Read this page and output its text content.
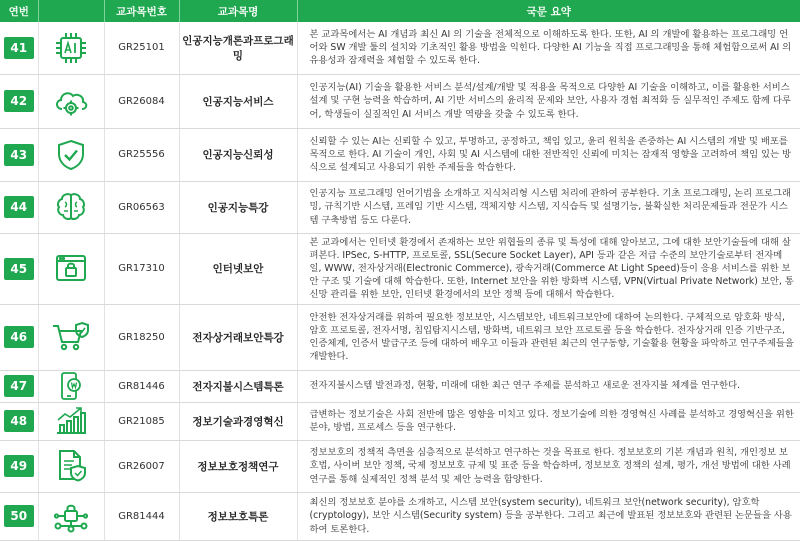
연번		교과목번호	교과목명	국문 요약
41		GR25101	인공지능개론과프로그래밍	본 교과목에서는 AI 개념과 최신 AI 의 기술을 전체적으로 이해하도록 한다. 또한, AI 의 개발에 활용하는 프로그래밍 언어와 SW 개발 툴의 설치와 기초적인 활용 방법을 익힌다. 다양한 AI 기능을 직접 프로그래밍을 통해 체험함으로써 AI 의 유용성과 잠재력을 체험할 수 있도록 한다.
42		GR26084	인공지능서비스	인공지능(AI) 기술을 활용한 서비스 분석/설계/개발 및 적용을 목적으로 다양한 AI 기술을 이해하고, 이를 활용한 서비스 설계 및 구현 능력을 학습하며, AI 기반 서비스의 윤리적 문제와 보안, 사용자 경험 최적화 등 실무적인 주제도 함께 다루어, 학생들이 실질적인 AI 서비스 개발 역량을 갖출 수 있도록 한다.
43		GR25556	인공지능신뢰성	신뢰할 수 있는 AI는 신뢰할 수 있고, 투명하고, 공정하고, 책임 있고, 윤리 원칙을 존중하는 AI 시스템의 개발 및 배포를 목적으로 한다. AI 기술이 개인, 사회 및 AI 시스템에 대한 전반적인 신뢰에 미치는 잠재적 영향을 고려하여 책임 있는 방식으로 설계되고 사용되기 위한 주제들을 학습한다.
44		GR06563	인공지능특강	인공지능 프로그래밍 언어기법을 소개하고 지식처리형 시스템 처리에 관하여 공부한다. 기초 프로그래밍, 논리 프로그래밍, 규칙기반 시스템, 프레임 기반 시스템, 객체지향 시스템, 지식습득 및 설명기능, 불확실한 처리문제들과 전문가 시스템 구축방법 등도 다룬다.
45		GR17310	인터넷보안	본 교과에서는 인터넷 환경에서 존재하는 보안 위협들의 종류 및 특성에 대해 알아보고, 그에 대한 보안기술들에 대해 살펴본다. IPSec, S-HTTP, 프로토콜, SSL(Secure Socket Layer), API 등과 같은 저급 수준의 보안기술로부터 전자메일, WWW, 전자상거래(Electronic Commerce), 광속거래(Commerce At Light Speed)등이 응용 서비스를 위한 보안 구조 및 기술에 대해 학습한다. 또한, Internet 보안을 위한 방화벽 시스템, VPN(Virtual Private Network) 보안, 통신망 관리를 위한 보안, 인터넷 환경에서의 보안 정책 등에 대해서 학습한다.
46		GR18250	전자상거래보안특강	안전한 전자상거래를 위하여 필요한 정보보안, 시스템보안, 네트워크보안에 대하여 논의한다. 구체적으로 암호화 방식, 암호 프로토콜, 전자서명, 침입탐지시스템, 방화벽, 네트워크 보안 프로토콜 등을 학습한다. 전자상거래 인증 기반구조, 인증체계, 인증서 발급구조 등에 대하여 배우고 이들과 관련된 최근의 연구동향, 기술활용 현황을 파악하고 연구주제들을 개발한다.
47		GR81446	전자지불시스템특론	전자지불시스템 발전과정, 현황, 미래에 대한 최근 연구 주제를 분석하고 새로운 전자지불 체계를 연구한다.
48		GR21085	정보기술과경영혁신	급변하는 정보기술은 사회 전반에 많은 영향을 미치고 있다. 정보기술에 의한 경영혁신 사례를 분석하고 경영혁신을 위한 분야, 방법, 프로세스 등을 연구한다.
49		GR26007	정보보호정책연구	정보보호의 정책적 측면을 심층적으로 분석하고 연구하는 것을 목표로 한다. 정보보호의 기본 개념과 원칙, 개인정보 보호법, 사이버 보안 정책, 국제 정보보호 규제 및 표준 등을 학습하며, 정보보호 정책의 설계, 평가, 개선 방법에 대한 사례 연구를 통해 실제적인 정책 분석 및 제안 능력을 함양한다.
50		GR81444	정보보호특론	최신의 정보보호 분야를 소개하고, 시스템 보안(system security), 네트워크 보안(network security), 암호학(cryptology), 보안 시스템(Security system) 등을 공부한다. 그리고 최근에 발표된 정보보호와 관련된 논문들을 사용하여 토론한다.
